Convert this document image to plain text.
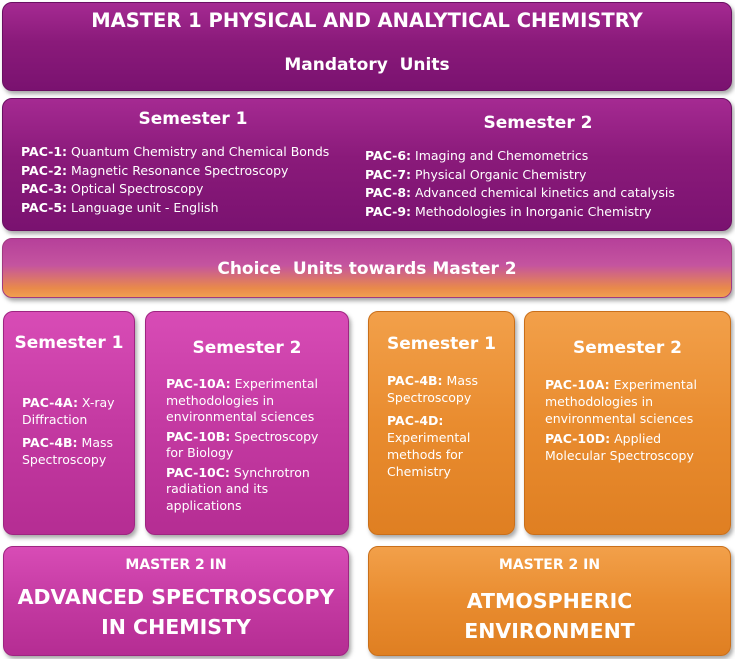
MASTER 1 PHYSICAL AND ANALYTICAL CHEMISTRY
Mandatory  Units
Semester 1
PAC-1: Quantum Chemistry and Chemical Bonds
PAC-2: Magnetic Resonance Spectroscopy
PAC-3: Optical Spectroscopy
PAC-5: Language unit - English
Semester 2
PAC-6: Imaging and Chemometrics
PAC-7: Physical Organic Chemistry
PAC-8: Advanced chemical kinetics and catalysis
PAC-9: Methodologies in Inorganic Chemistry
Choice  Units towards Master 2
Semester 1

PAC-4A: X-ray Diffraction

PAC-4B: Mass Spectroscopy

Semester 2

PAC-10A: Experimental methodologies in environmental sciences

PAC-10B: Spectroscopy for Biology

PAC-10C: Synchrotron radiation and its applications

Semester 1

PAC-4B: Mass Spectroscopy

PAC-4D: Experimental methods for Chemistry

Semester 2

PAC-10A: Experimental methodologies in environmental sciences

PAC-10D: Applied Molecular Spectroscopy

MASTER 2 IN
ADVANCED SPECTROSCOPY
IN CHEMISTY
MASTER 2 IN
ATMOSPHERIC
ENVIRONMENT
